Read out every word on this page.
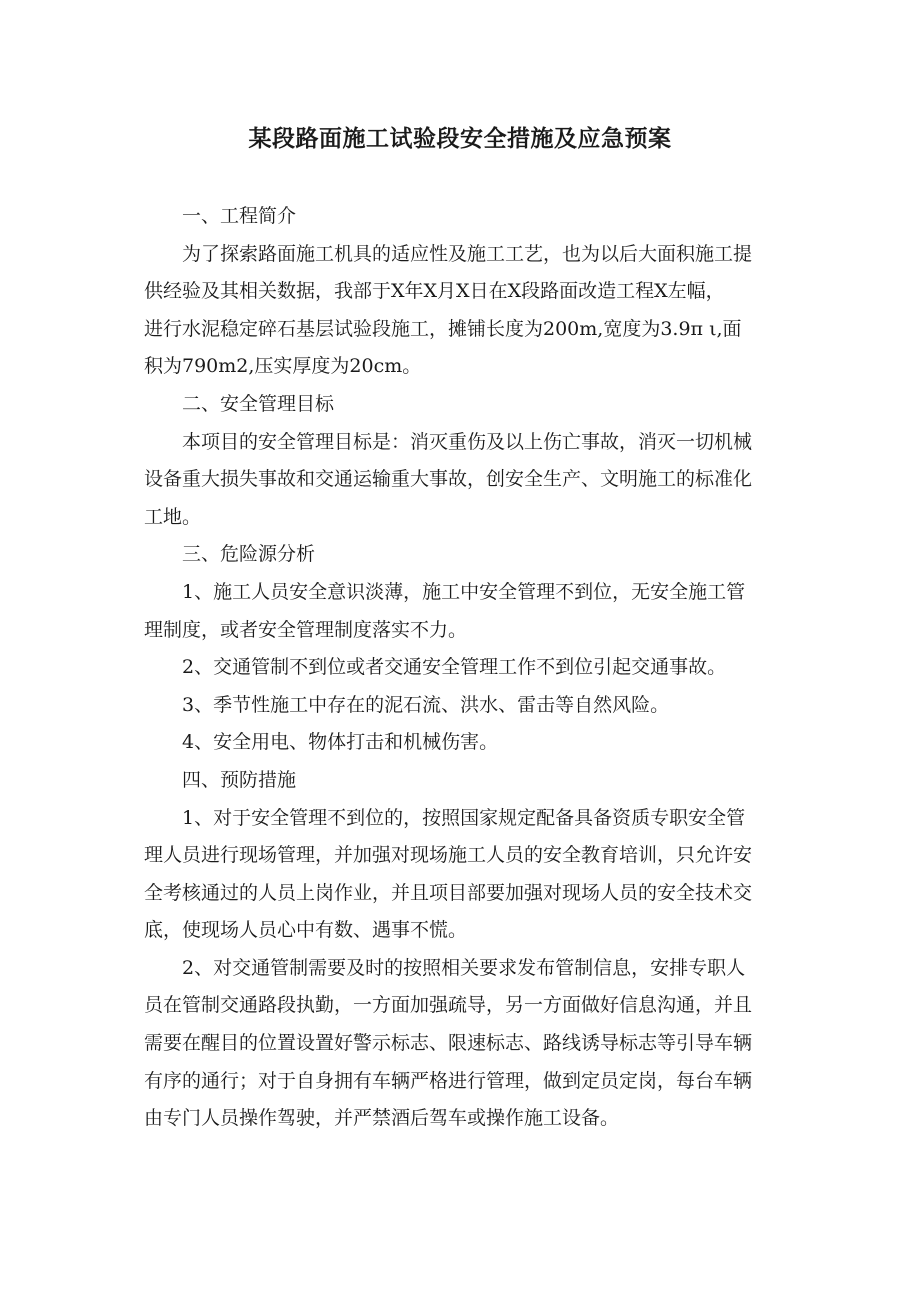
某段路面施工试验段安全措施及应急预案
一、工程简介
为了探索路面施工机具的适应性及施工工艺，也为以后大面积施工提
供经验及其相关数据，我部于X年X月X日在X段路面改造工程X左幅，
进行水泥稳定碎石基层试验段施工，摊铺长度为200m,宽度为3.9π ι,面
积为790m2,压实厚度为20cm。
二、安全管理目标
本项目的安全管理目标是：消灭重伤及以上伤亡事故，消灭一切机械
设备重大损失事故和交通运输重大事故，创安全生产、文明施工的标准化
工地。
三、危险源分析
1、施工人员安全意识淡薄，施工中安全管理不到位，无安全施工管
理制度，或者安全管理制度落实不力。
2、交通管制不到位或者交通安全管理工作不到位引起交通事故。
3、季节性施工中存在的泥石流、洪水、雷击等自然风险。
4、安全用电、物体打击和机械伤害。
四、预防措施
1、对于安全管理不到位的，按照国家规定配备具备资质专职安全管
理人员进行现场管理，并加强对现场施工人员的安全教育培训，只允许安
全考核通过的人员上岗作业，并且项目部要加强对现场人员的安全技术交
底，使现场人员心中有数、遇事不慌。
2、对交通管制需要及时的按照相关要求发布管制信息，安排专职人
员在管制交通路段执勤，一方面加强疏导，另一方面做好信息沟通，并且
需要在醒目的位置设置好警示标志、限速标志、路线诱导标志等引导车辆
有序的通行；对于自身拥有车辆严格进行管理，做到定员定岗，每台车辆
由专门人员操作驾驶，并严禁酒后驾车或操作施工设备。
